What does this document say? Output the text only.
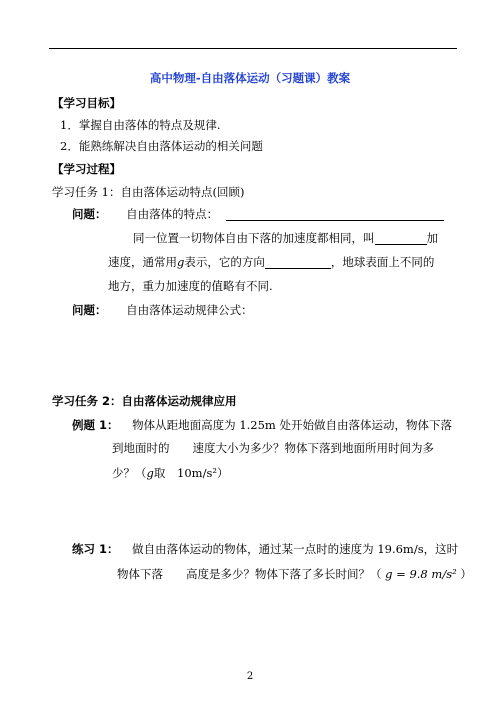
高中物理-自由落体运动（习题课）教案
【学习目标】
1．掌握自由落体的特点及规律.
2．能熟练解决自由落体运动的相关问题
【学习过程】
学习任务 1：自由落体运动特点(回顾)
问题： 自由落体的特点：
同一位置一切物体自由下落的加速度都相同，叫	加
速度，通常用g表示，它的方向	，地球表面上不同的
地方，重力加速度的值略有不同.
问题： 自由落体运动规律公式：
学习任务 2：自由落体运动规律应用
例题 1： 物体从距地面高度为 1.25m 处开始做自由落体运动，物体下落
到地面时的　　速度大小为多少？物体下落到地面所用时间为多
少？（g取 10m/s²）
练习 1： 做自由落体运动的物体，通过某一点时的速度为 19.6m/s，这时
物体下落　　高度是多少？物体下落了多长时间？（ g = 9.8 m/s² ）
2
